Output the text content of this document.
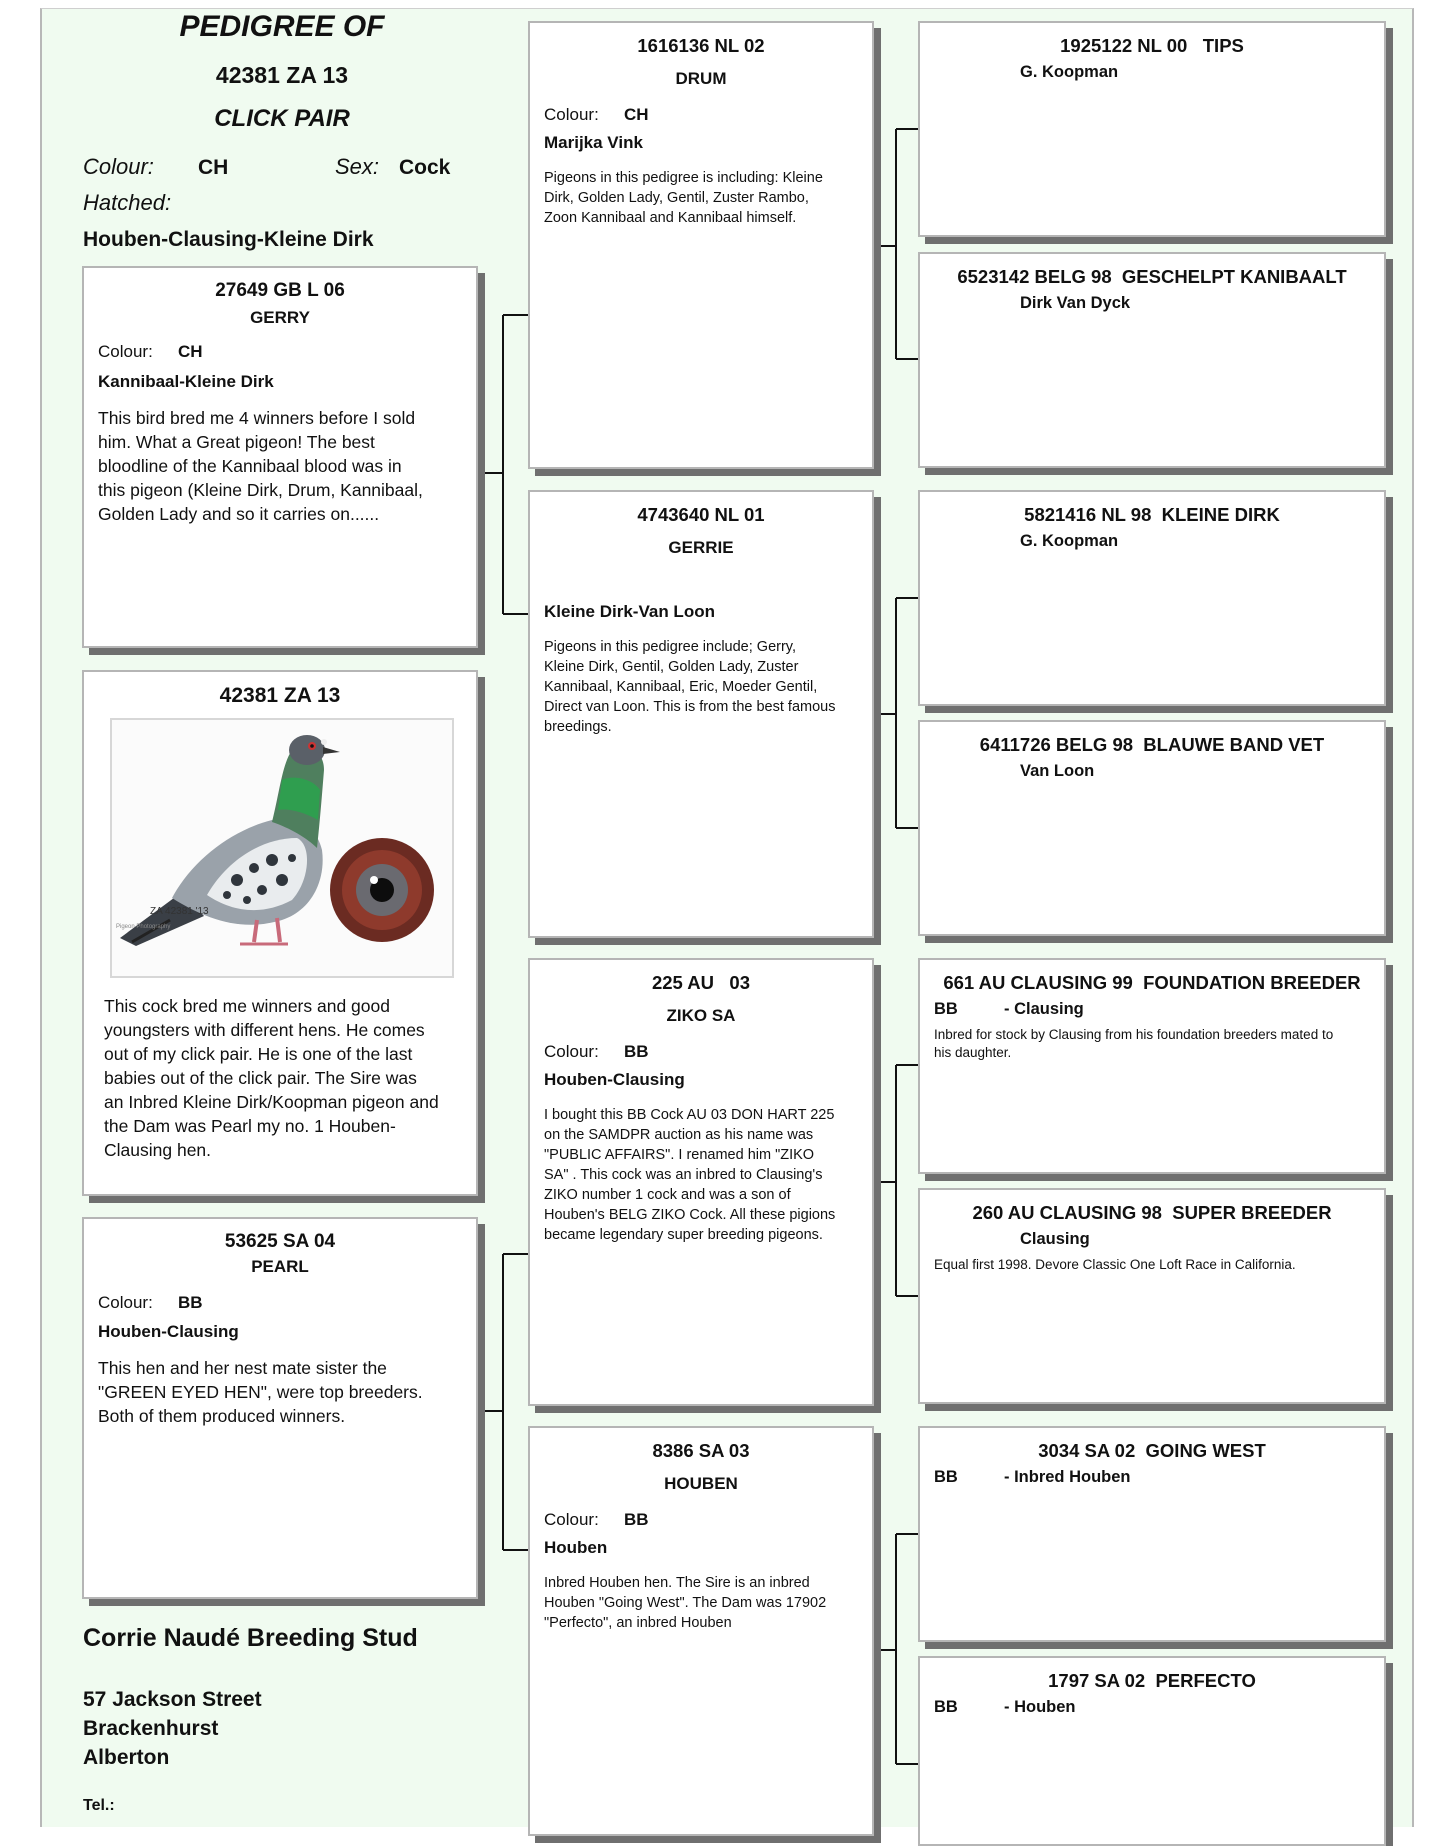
PEDIGREE OF
42381 ZA 13
CLICK PAIR
Colour: CH	Sex: Cock
Hatched:
Houben-Clausing-Kleine Dirk
27649 GB L 06
GERRY
Colour: CH
Kannibaal-Kleine Dirk
This bird bred me 4 winners before I sold him. What a Great pigeon! The best bloodline of the Kannibaal blood was in this pigeon (Kleine Dirk, Drum, Kannibaal, Golden Lady and so it carries on......
42381 ZA 13
ZA 42381 '13
Pigeon Photography
This cock bred me winners and good youngsters with different hens. He comes out of my click pair. He is one of the last babies out of the click pair. The Sire was an Inbred Kleine Dirk/Koopman pigeon and the Dam was Pearl my no. 1 Houben-Clausing hen.
53625 SA 04
PEARL
Colour: BB
Houben-Clausing
This hen and her nest mate sister the "GREEN EYED HEN", were top breeders. Both of them produced winners.
Corrie Naudé Breeding Stud
57 Jackson Street
Brackenhurst
Alberton
Tel.:
1616136 NL 02
DRUM
Colour: CH
Marijka Vink
Pigeons in this pedigree is including: Kleine Dirk, Golden Lady, Gentil, Zuster Rambo, Zoon Kannibaal and Kannibaal himself.
4743640 NL 01
GERRIE
Kleine Dirk-Van Loon
Pigeons in this pedigree include; Gerry, Kleine Dirk, Gentil, Golden Lady, Zuster Kannibaal, Kannibaal, Eric, Moeder Gentil, Direct van Loon. This is from the best famous breedings.
225 AU   03
ZIKO SA
Colour: BB
Houben-Clausing
I bought this BB Cock AU 03 DON HART 225 on the SAMDPR auction as his name was "PUBLIC AFFAIRS". I renamed him "ZIKO SA" . This cock was an inbred to Clausing's ZIKO number 1 cock and was a son of Houben's BELG ZIKO Cock. All these pigions became legendary super breeding pigeons.
8386 SA 03
HOUBEN
Colour: BB
Houben
Inbred Houben hen. The Sire is an inbred Houben "Going West". The Dam was 17902 "Perfecto", an inbred Houben
1925122 NL 00   TIPS
G. Koopman
6523142 BELG 98  GESCHELPT KANIBAALT
Dirk Van Dyck
5821416 NL 98  KLEINE DIRK
G. Koopman
6411726 BELG 98  BLAUWE BAND VET
Van Loon
661 AU CLAUSING 99  FOUNDATION BREEDER
BB	- Clausing
Inbred for stock by Clausing from his foundation breeders mated to his daughter.
260 AU CLAUSING 98  SUPER BREEDER
Clausing
Equal first 1998. Devore Classic One Loft Race in California.
3034 SA 02  GOING WEST
BB	- Inbred Houben
1797 SA 02  PERFECTO
BB	- Houben
